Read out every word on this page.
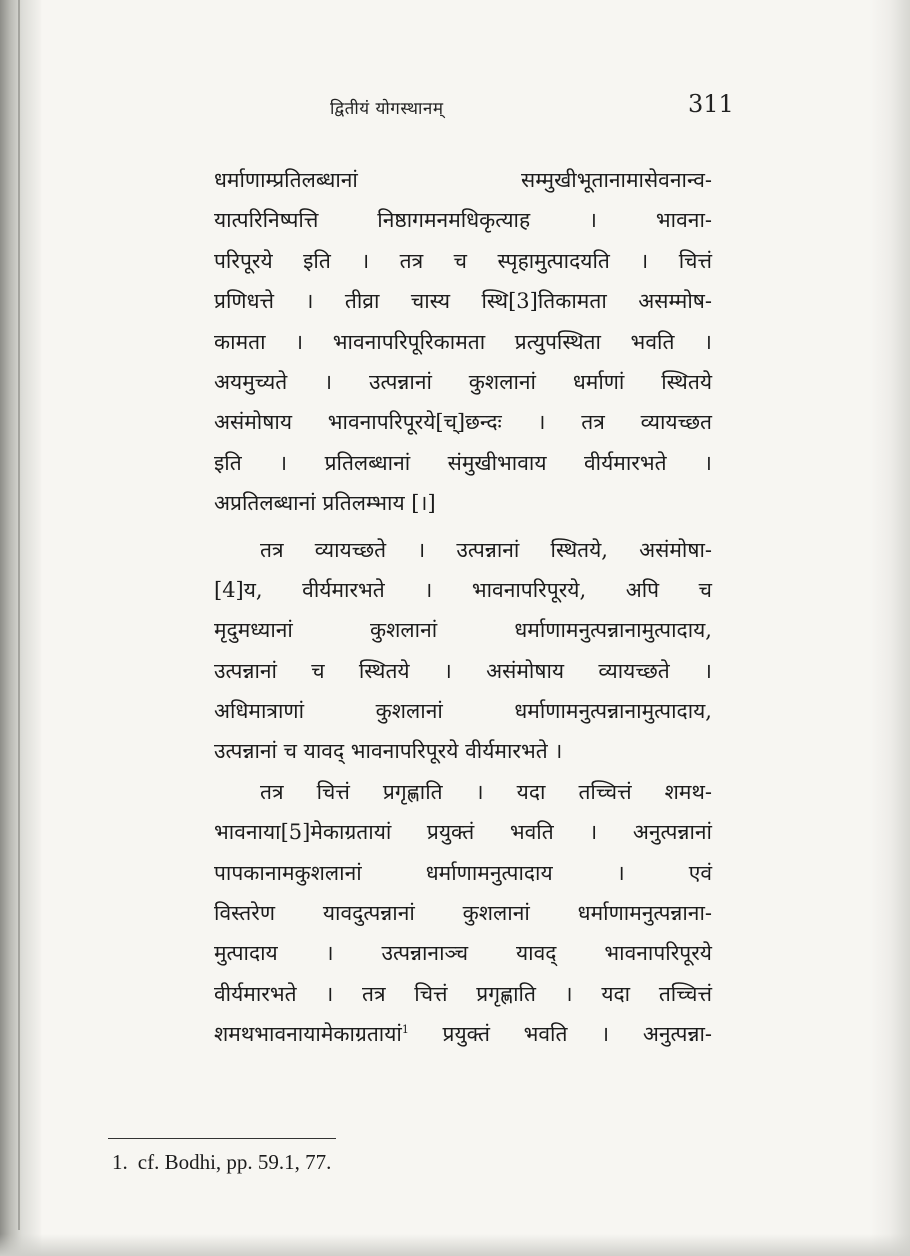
द्वितीयं योगस्थानम्	311
धर्माणाम्प्रतिलब्धानां सम्मुखीभूतानामासेवनान्व-
यात्परिनिष्पत्ति निष्ठागमनमधिकृत्याह । भावना-
परिपूरये इति । तत्र च स्पृहामुत्पादयति । चित्तं
प्रणिधत्ते । तीव्रा चास्य स्थि[3]तिकामता असम्मोष-
कामता । भावनापरिपूरिकामता प्रत्युपस्थिता भवति ।
अयमुच्यते । उत्पन्नानां कुशलानां धर्माणां स्थितये
असंमोषाय भावनापरिपूरये[च्]छन्दः । तत्र व्यायच्छत
इति । प्रतिलब्धानां संमुखीभावाय वीर्यमारभते ।
अप्रतिलब्धानां प्रतिलम्भाय [।]
तत्र व्यायच्छते । उत्पन्नानां स्थितये, असंमोषा-
[4]य, वीर्यमारभते । भावनापरिपूरये, अपि च
मृदुमध्यानां कुशलानां धर्माणामनुत्पन्नानामुत्पादाय,
उत्पन्नानां च स्थितये । असंमोषाय व्यायच्छते ।
अधिमात्राणां कुशलानां धर्माणामनुत्पन्नानामुत्पादाय,
उत्पन्नानां च यावद् भावनापरिपूरये वीर्यमारभते ।
तत्र चित्तं प्रगृह्णाति । यदा तच्चित्तं शमथ-
भावनाया[5]मेकाग्रतायां प्रयुक्तं भवति । अनुत्पन्नानां
पापकानामकुशलानां धर्माणामनुत्पादाय । एवं
विस्तरेण यावदुत्पन्नानां कुशलानां धर्माणामनुत्पन्नाना-
मुत्पादाय । उत्पन्नानाञ्च यावद् भावनापरिपूरये
वीर्यमारभते । तत्र चित्तं प्रगृह्णाति । यदा तच्चित्तं
शमथभावनायामेकाग्रतायां$^1$ प्रयुक्तं भवति । अनुत्पन्ना-
1. cf. Bodhi, pp. 59.1, 77.
